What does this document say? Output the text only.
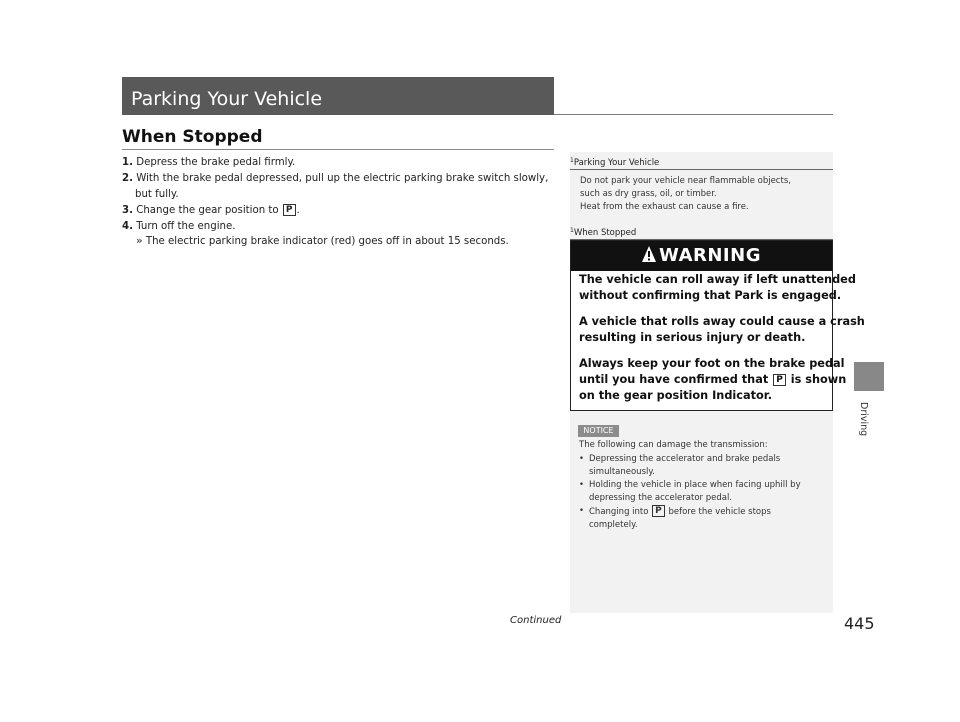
Parking Your Vehicle
When Stopped
1. Depress the brake pedal firmly.
2. With the brake pedal depressed, pull up the electric parking brake switch slowly,
but fully.
3. Change the gear position to P .
4. Turn off the engine.
» The electric parking brake indicator (red) goes off in about 15 seconds.
$^1$Parking Your Vehicle
Do not park your vehicle near flammable objects,
such as dry grass, oil, or timber.
Heat from the exhaust can cause a fire.
$^1$When Stopped
WARNING
The vehicle can roll away if left unattended
without confirming that Park is engaged.
A vehicle that rolls away could cause a crash
resulting in serious injury or death.
Always keep your foot on the brake pedal
until you have confirmed that P is shown
on the gear position Indicator.
NOTICE
The following can damage the transmission:
• Depressing the accelerator and brake pedals
simultaneously.
• Holding the vehicle in place when facing uphill by
depressing the accelerator pedal.
• Changing into P before the vehicle stops
completely.
Driving
Continued	445
